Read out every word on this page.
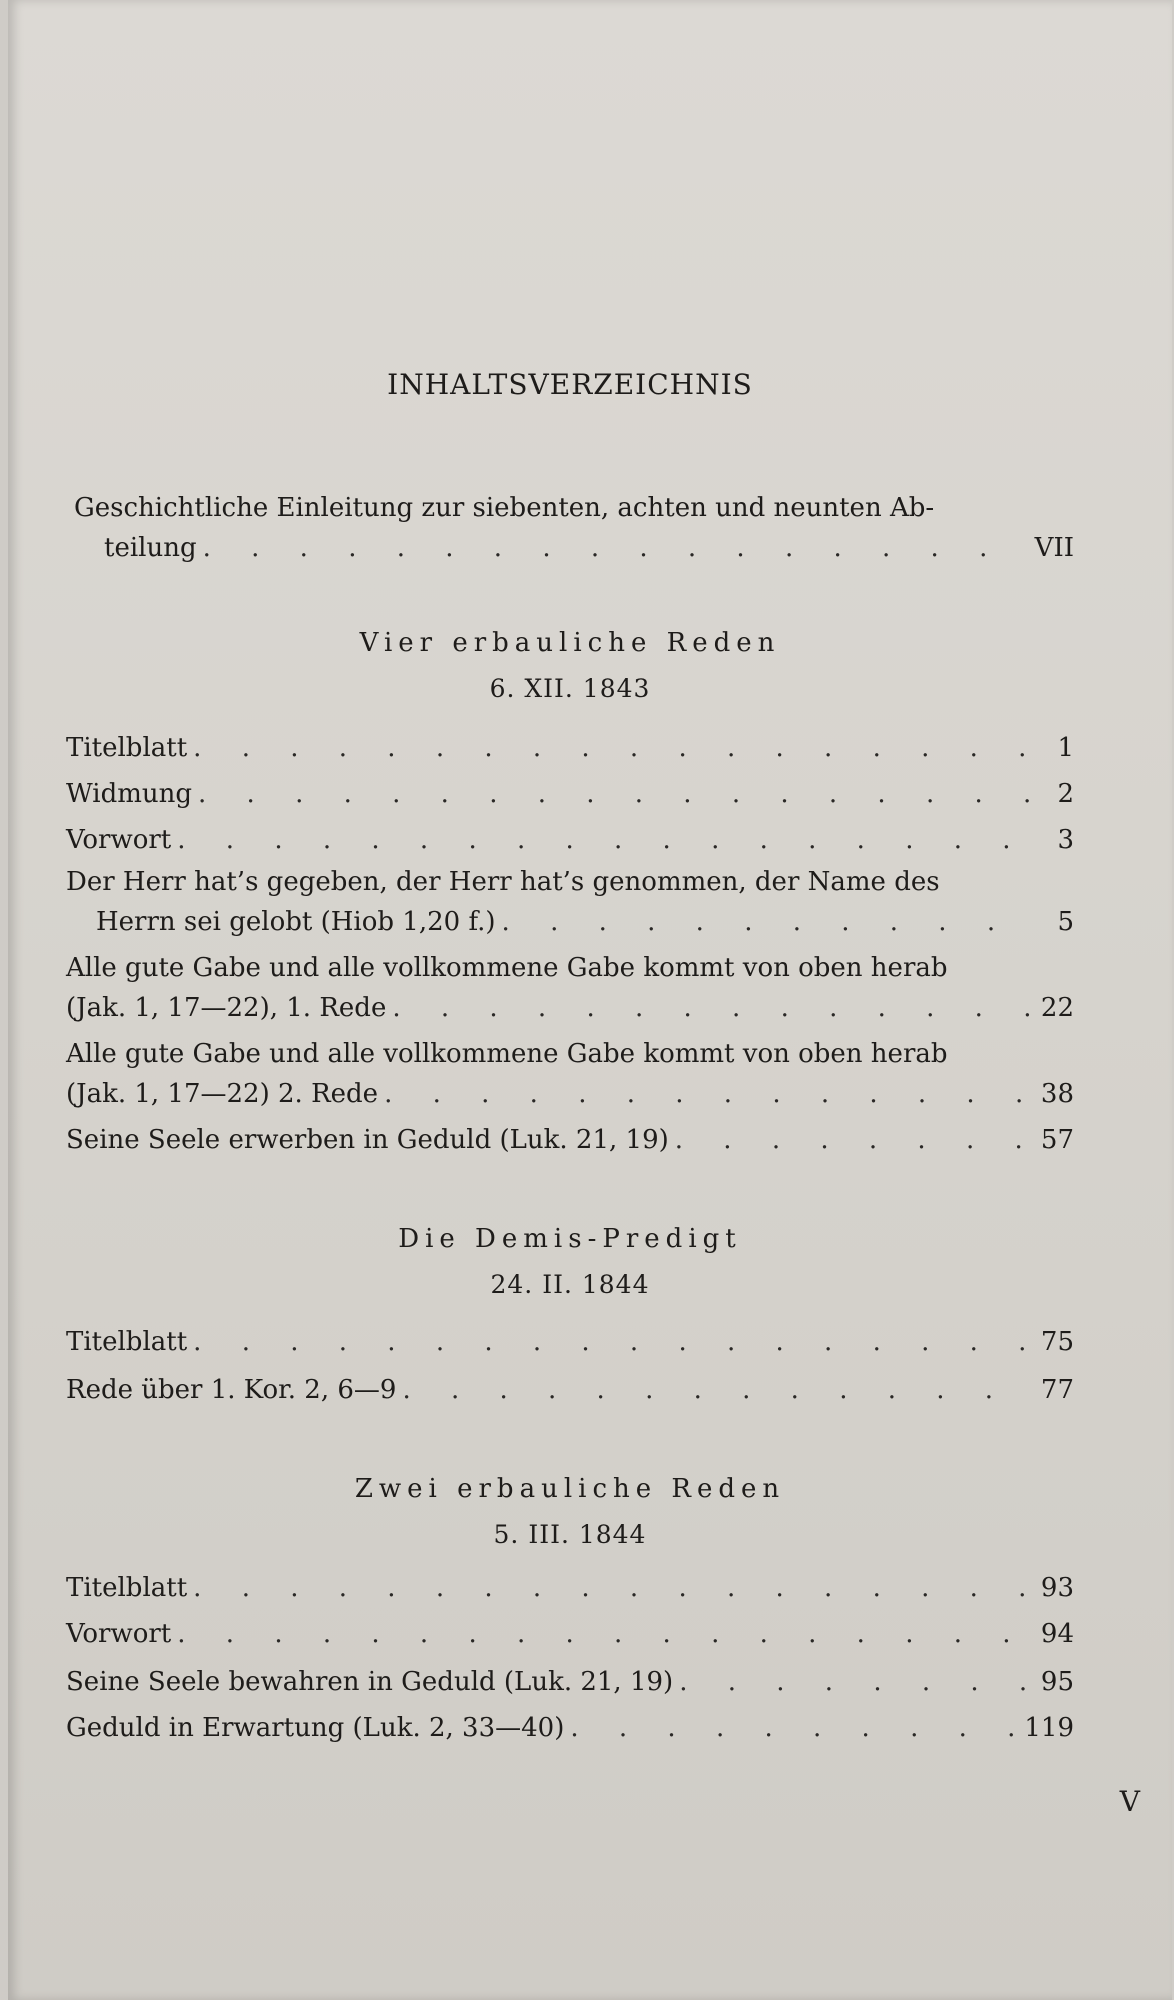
INHALTSVERZEICHNIS
Geschichtliche Einleitung zur siebenten, achten und neunten Ab-
teilung . . .	VII
Vier erbauliche Reden
6. XII. 1843
Titelblatt . . .	1
Widmung . . .	2
Vorwort . . .	3
Der Herr hat’s gegeben, der Herr hat’s genommen, der Name des
Herrn sei gelobt (Hiob 1,20 f.) . . .	5
Alle gute Gabe und alle vollkommene Gabe kommt von oben herab
(Jak. 1, 17—22), 1. Rede . . .	22
Alle gute Gabe und alle vollkommene Gabe kommt von oben herab
(Jak. 1, 17—22) 2. Rede . . .	38
Seine Seele erwerben in Geduld (Luk. 21, 19) . . .	57
Die Demis-Predigt
24. II. 1844
Titelblatt . . .	75
Rede über 1. Kor. 2, 6—9 . . .	77
Zwei erbauliche Reden
5. III. 1844
Titelblatt . . .	93
Vorwort . . .	94
Seine Seele bewahren in Geduld (Luk. 21, 19) . . .	95
Geduld in Erwartung (Luk. 2, 33—40) . . .	119
V
